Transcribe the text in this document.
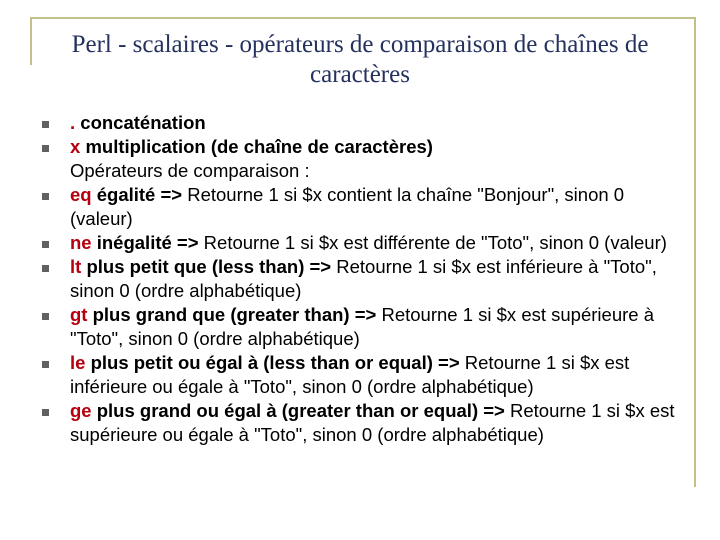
Perl - scalaires - opérateurs de comparaison de chaînes de caractères
. concaténation
x multiplication (de chaîne de caractères)
Opérateurs de comparaison :
eq égalité => Retourne 1 si $x contient la chaîne "Bonjour", sinon 0 (valeur)
ne inégalité => Retourne 1 si $x est différente de "Toto", sinon 0 (valeur)
lt plus petit que (less than) => Retourne 1 si $x est inférieure à "Toto", sinon 0 (ordre alphabétique)
gt plus grand que (greater than) => Retourne 1 si $x est supérieure à "Toto", sinon 0 (ordre alphabétique)
le plus petit ou égal à (less than or equal) => Retourne 1 si $x est inférieure ou égale à "Toto", sinon 0 (ordre alphabétique)
ge plus grand ou égal à (greater than or equal) => Retourne 1 si $x est supérieure ou égale à "Toto", sinon 0 (ordre alphabétique)
